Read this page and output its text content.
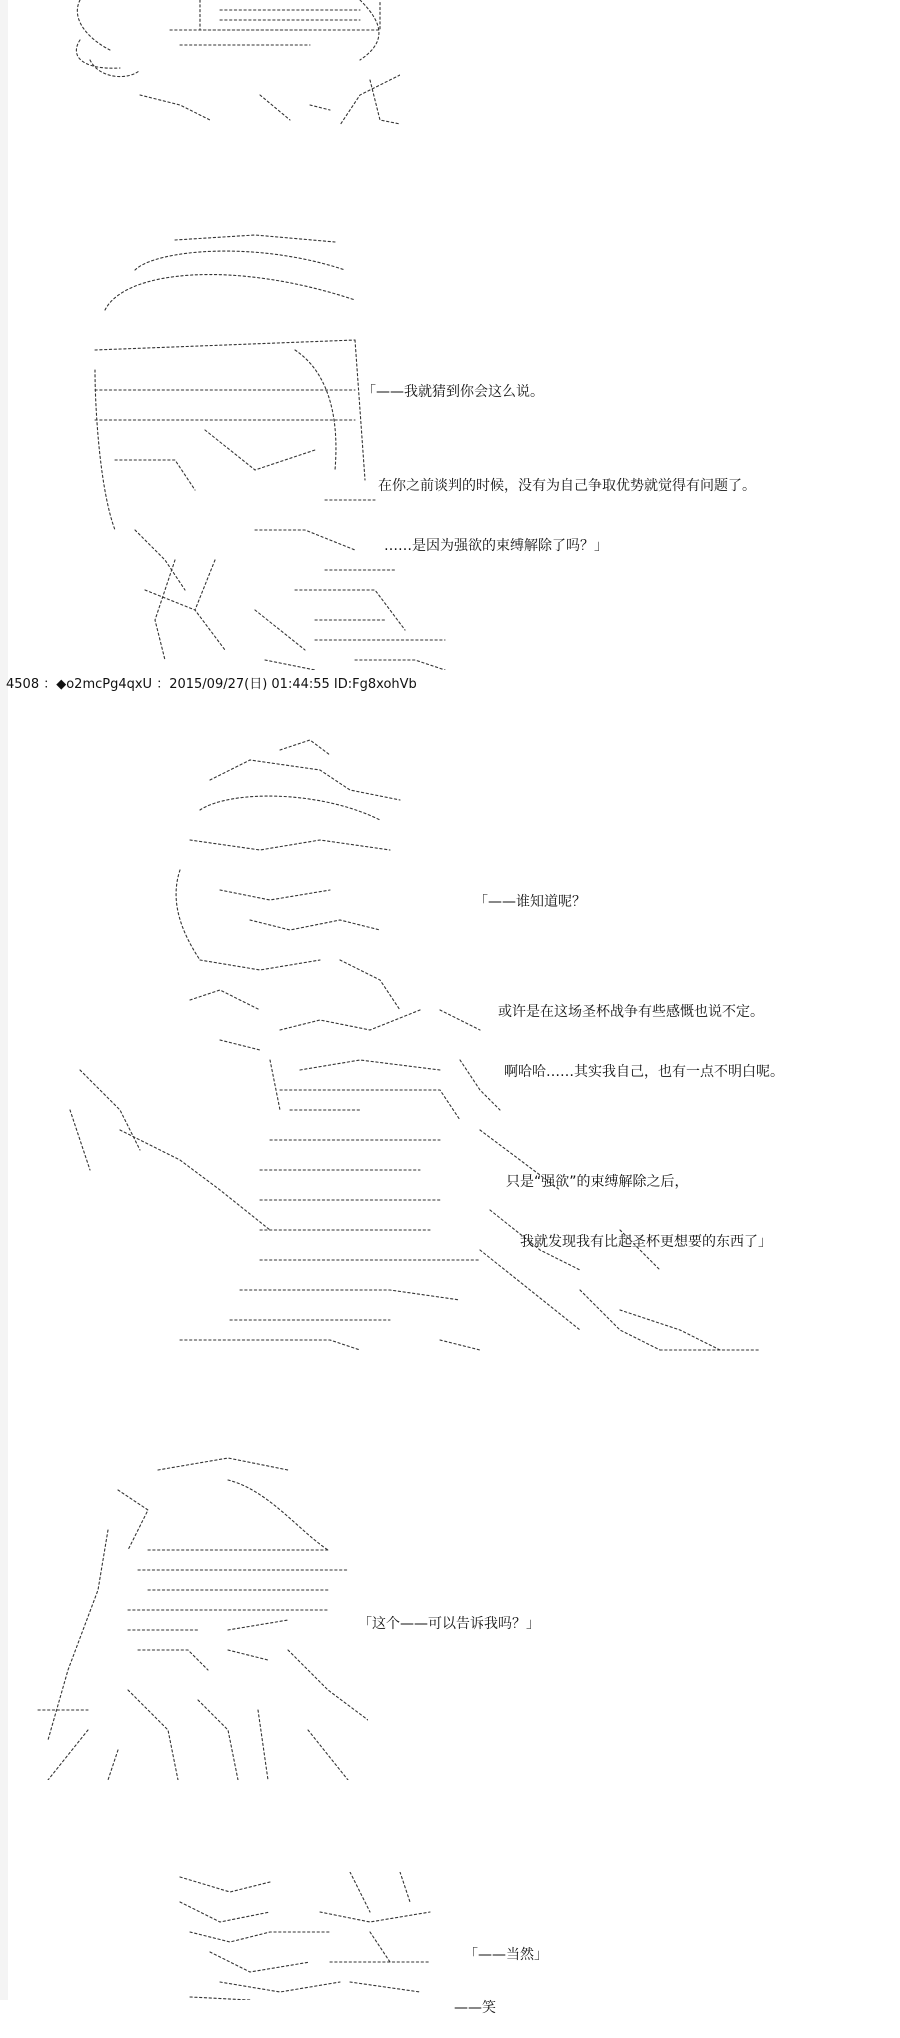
「——我就猜到你会这么说。

在你之前谈判的时候，没有为自己争取优势就觉得有问题了。

……是因为强欲的束缚解除了吗？」

4508 ：◆o2mcPg4qxU ：2015/09/27(日) 01:44:55 ID:Fg8xohVb

「——谁知道呢？

或许是在这场圣杯战争有些感慨也说不定。

啊哈哈……其实我自己，也有一点不明白呢。

只是“强欲”的束缚解除之后，

我就发现我有比起圣杯更想要的东西了」

「这个——可以告诉我吗？」

「——当然」

——笑
